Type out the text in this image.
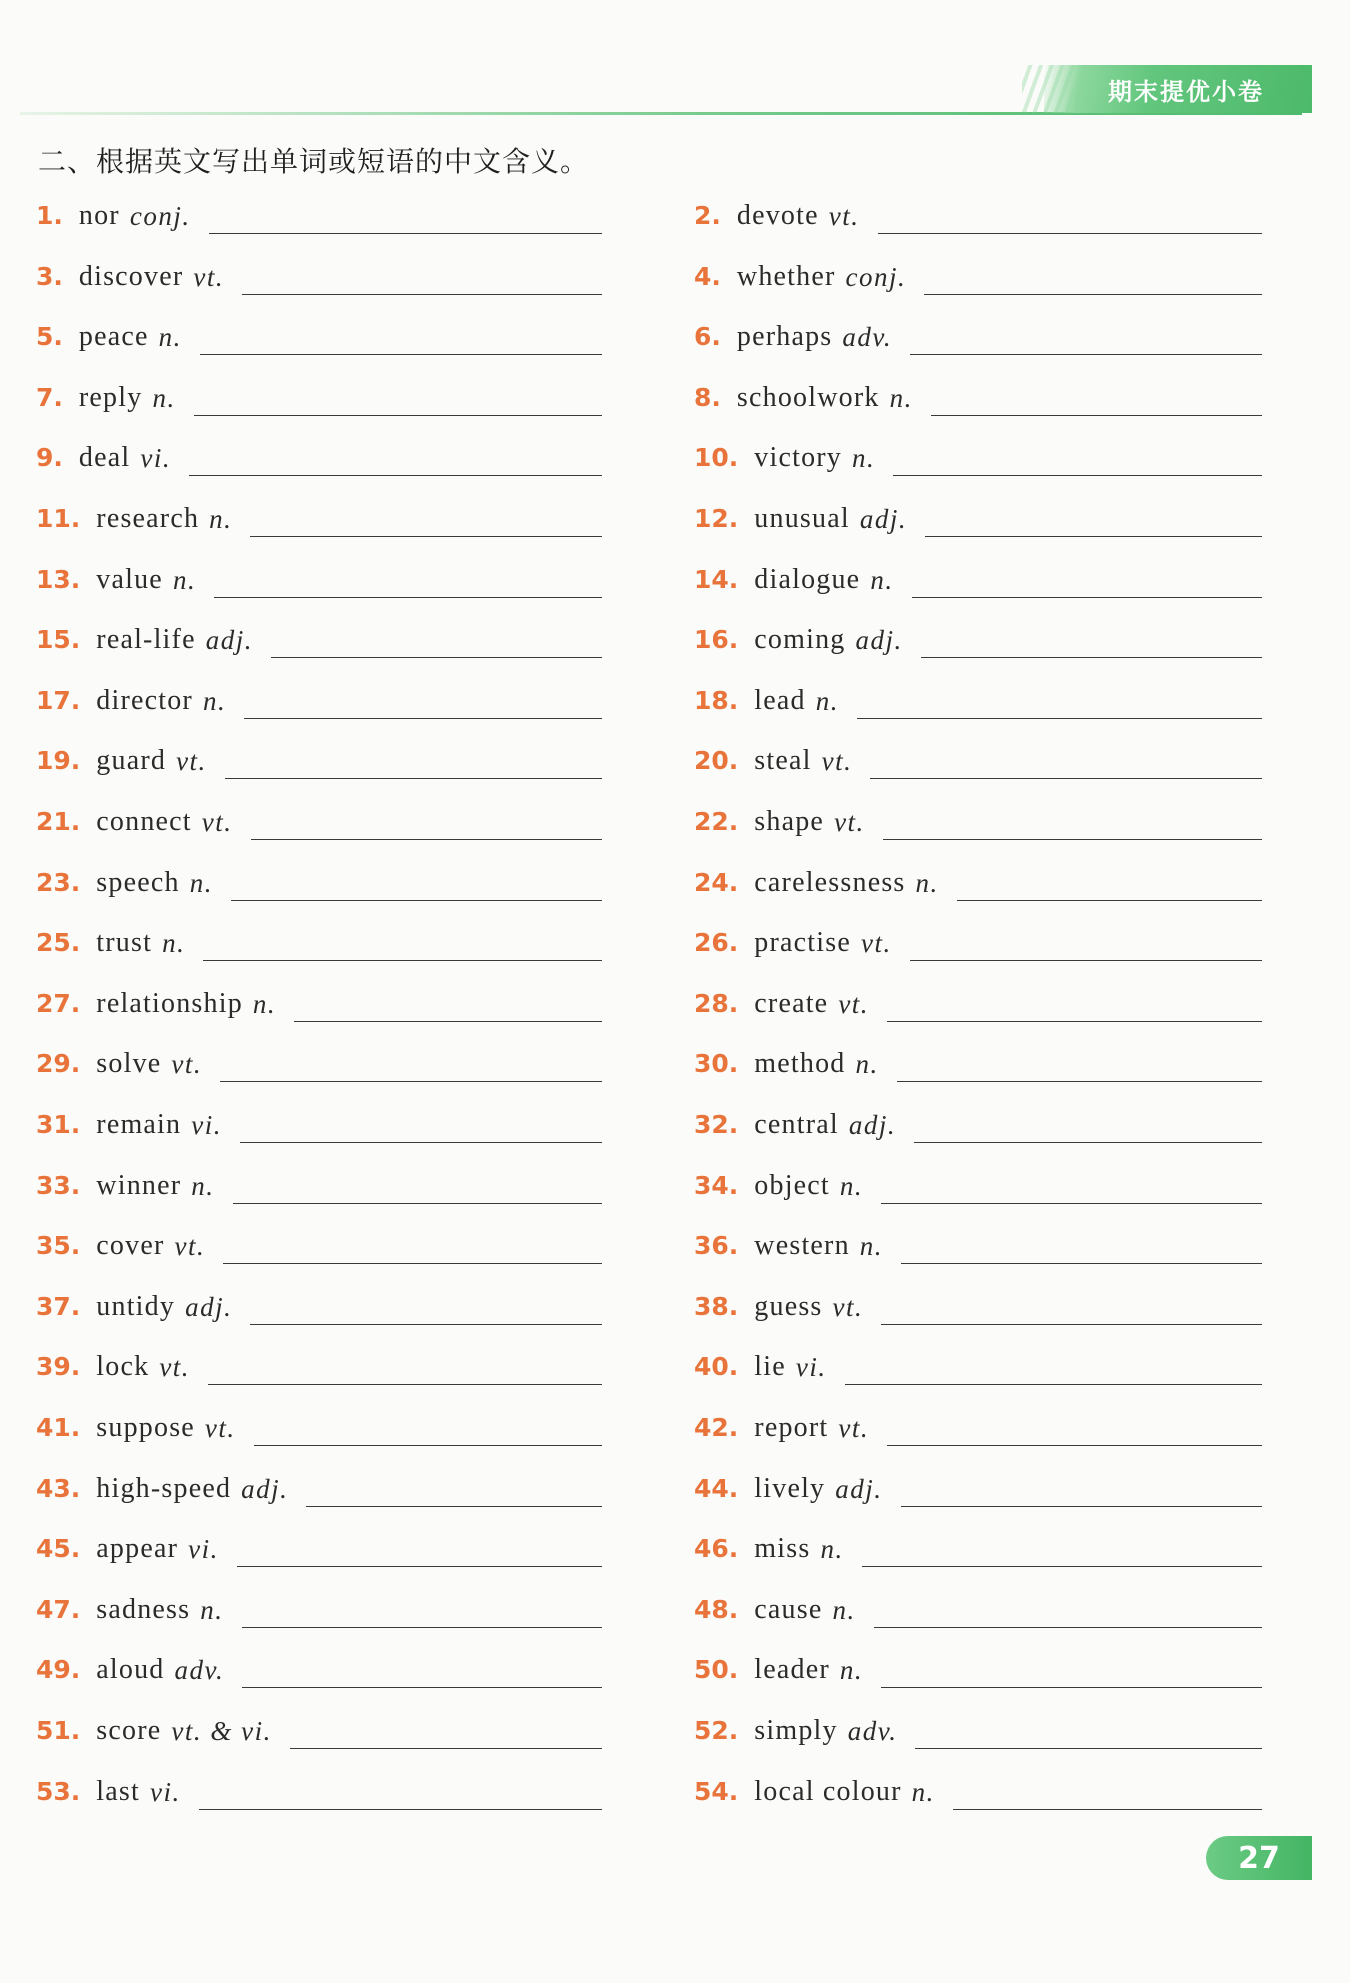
期末提优小卷
二、根据英文写出单词或短语的中文含义。
1. nor conj.	2. devote vt.
3. discover vt.	4. whether conj.
5. peace n.	6. perhaps adv.
7. reply n.	8. schoolwork n.
9. deal vi.	10. victory n.
11. research n.	12. unusual adj.
13. value n.	14. dialogue n.
15. real-life adj.	16. coming adj.
17. director n.	18. lead n.
19. guard vt.	20. steal vt.
21. connect vt.	22. shape vt.
23. speech n.	24. carelessness n.
25. trust n.	26. practise vt.
27. relationship n.	28. create vt.
29. solve vt.	30. method n.
31. remain vi.	32. central adj.
33. winner n.	34. object n.
35. cover vt.	36. western n.
37. untidy adj.	38. guess vt.
39. lock vt.	40. lie vi.
41. suppose vt.	42. report vt.
43. high-speed adj.	44. lively adj.
45. appear vi.	46. miss n.
47. sadness n.	48. cause n.
49. aloud adv.	50. leader n.
51. score vt. & vi.	52. simply adv.
53. last vi.	54. local colour n.
27
